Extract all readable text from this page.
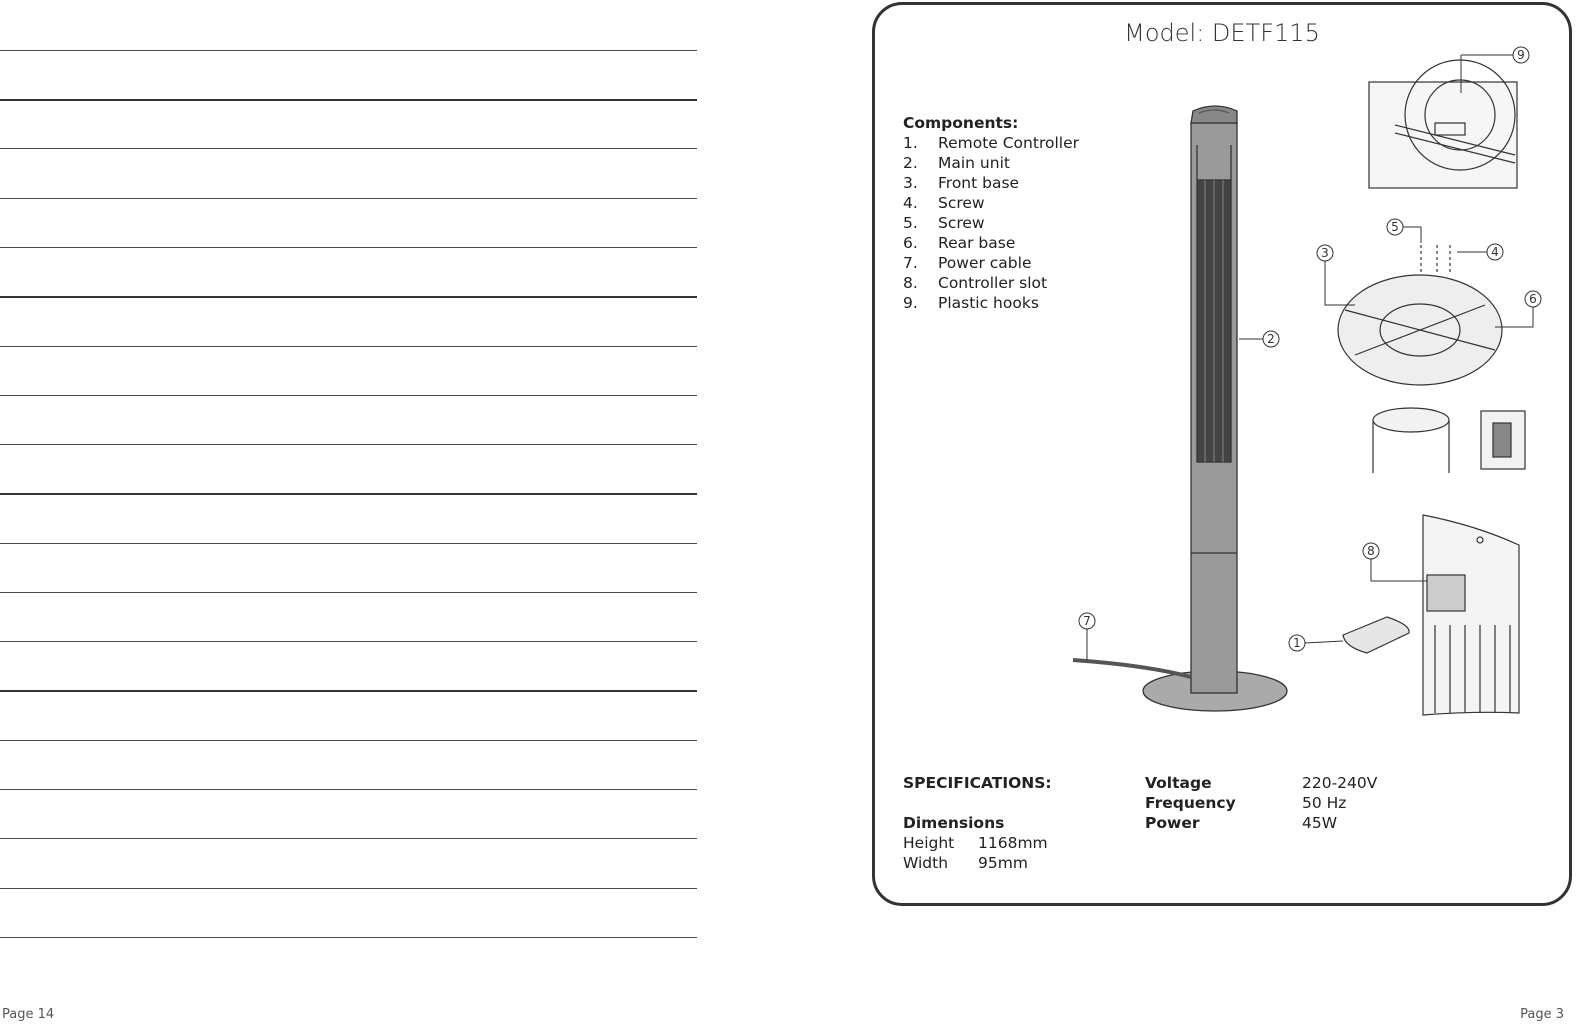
Page 14	Page 3
Model: DETF115
Components:
1.	Remote Controller
2.	Main unit
3.	Front base
4.	Screw
5.	Screw
6.	Rear base
7.	Power cable
8.	Controller slot
9.	Plastic hooks
9
5
4
3
6
2
8
7
1
SPECIFICATIONS:
Dimensions
Height	1168mm
Width	95mm
Voltage	220-240V
Frequency	50 Hz
Power	45W
